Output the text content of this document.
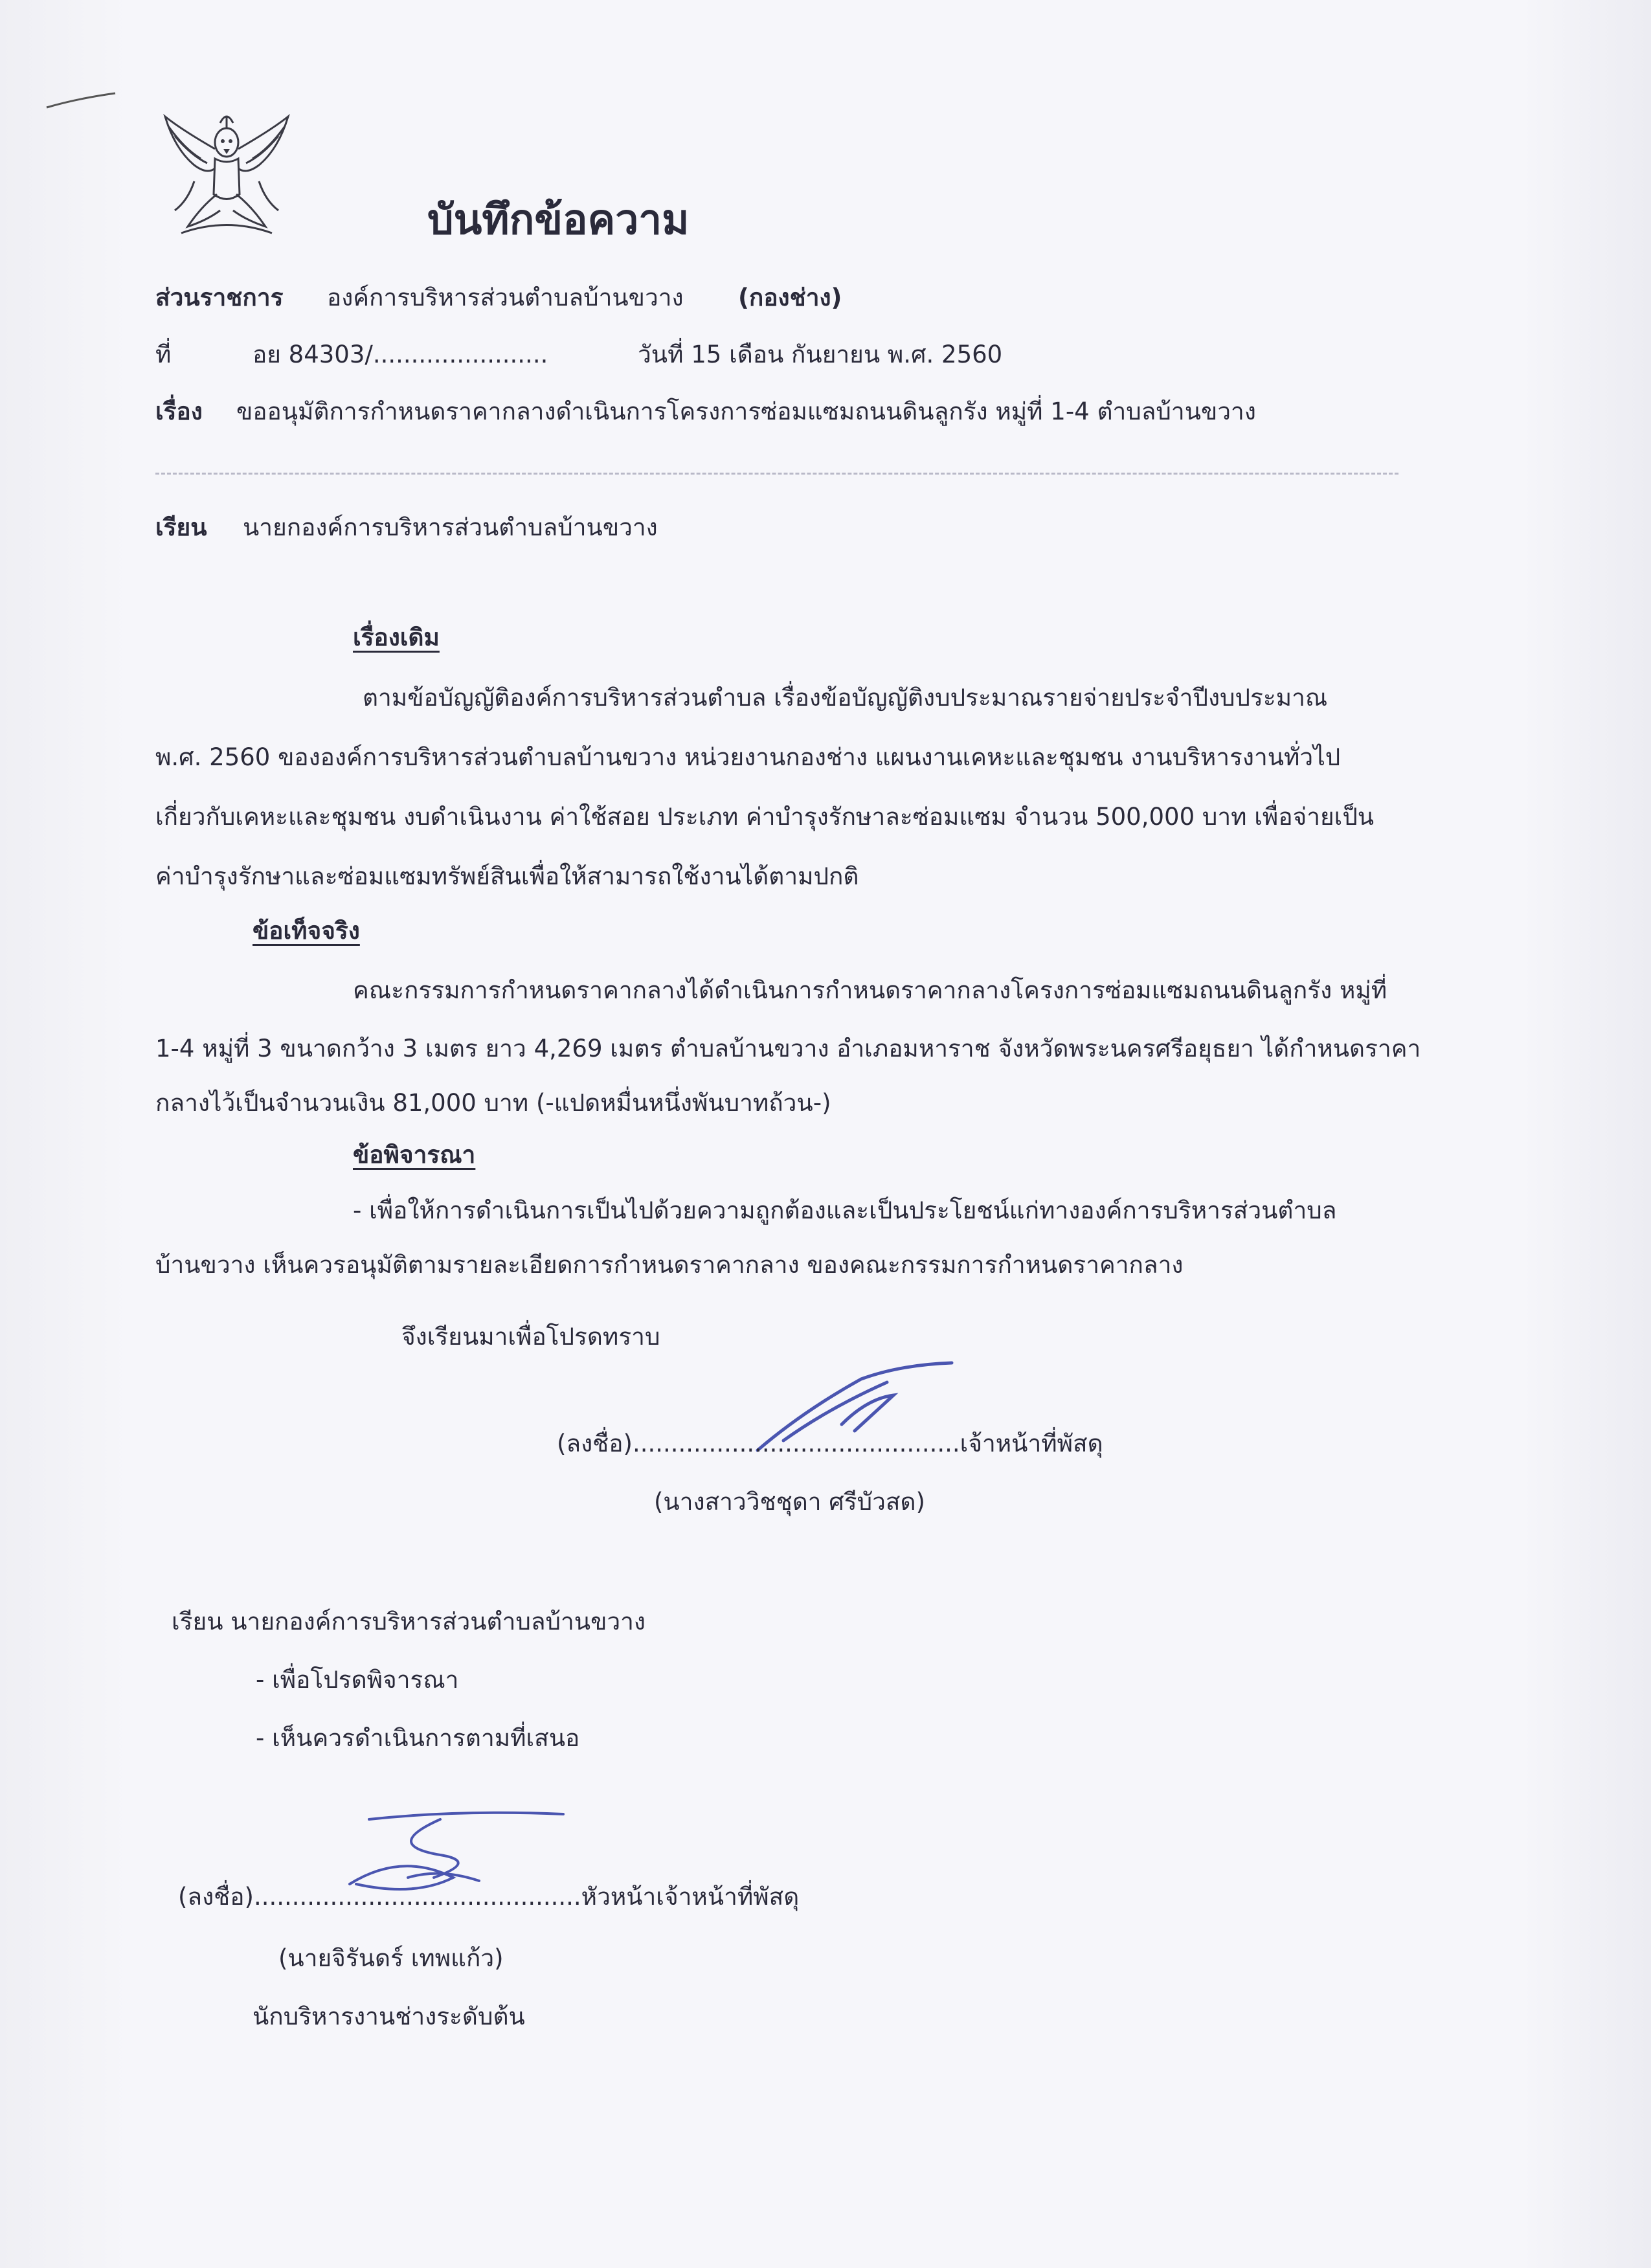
บันทึกข้อความ
ส่วนราชการ องค์การบริหารส่วนตำบลบ้านขวาง (กองช่าง)
ที่	อย 84303/.......................	วันที่ 15 เดือน กันยายน พ.ศ. 2560
เรื่อง ขออนุมัติการกำหนดราคากลางดำเนินการโครงการซ่อมแซมถนนดินลูกรัง หมู่ที่ 1-4 ตำบลบ้านขวาง
เรียน นายกองค์การบริหารส่วนตำบลบ้านขวาง
เรื่องเดิม
ตามข้อบัญญัติองค์การบริหารส่วนตำบล เรื่องข้อบัญญัติงบประมาณรายจ่ายประจำปีงบประมาณ
พ.ศ. 2560 ขององค์การบริหารส่วนตำบลบ้านขวาง หน่วยงานกองช่าง แผนงานเคหะและชุมชน งานบริหารงานทั่วไป
เกี่ยวกับเคหะและชุมชน งบดำเนินงาน ค่าใช้สอย ประเภท ค่าบำรุงรักษาละซ่อมแซม จำนวน 500,000 บาท เพื่อจ่ายเป็น
ค่าบำรุงรักษาและซ่อมแซมทรัพย์สินเพื่อให้สามารถใช้งานได้ตามปกติ
ข้อเท็จจริง
คณะกรรมการกำหนดราคากลางได้ดำเนินการกำหนดราคากลางโครงการซ่อมแซมถนนดินลูกรัง หมู่ที่
1-4 หมู่ที่ 3 ขนาดกว้าง 3 เมตร ยาว 4,269 เมตร ตำบลบ้านขวาง อำเภอมหาราช จังหวัดพระนครศรีอยุธยา ได้กำหนดราคา
กลางไว้เป็นจำนวนเงิน 81,000 บาท (-แปดหมื่นหนึ่งพันบาทถ้วน-)
ข้อพิจารณา
- เพื่อให้การดำเนินการเป็นไปด้วยความถูกต้องและเป็นประโยชน์แก่ทางองค์การบริหารส่วนตำบล
บ้านขวาง เห็นควรอนุมัติตามรายละเอียดการกำหนดราคากลาง ของคณะกรรมการกำหนดราคากลาง
จึงเรียนมาเพื่อโปรดทราบ
(ลงชื่อ)...........................................เจ้าหน้าที่พัสดุ
(นางสาววิชชุดา ศรีบัวสด)
เรียน นายกองค์การบริหารส่วนตำบลบ้านขวาง
- เพื่อโปรดพิจารณา
- เห็นควรดำเนินการตามที่เสนอ
(ลงชื่อ)...........................................หัวหน้าเจ้าหน้าที่พัสดุ
(นายจิรันดร์ เทพแก้ว)
นักบริหารงานช่างระดับต้น
